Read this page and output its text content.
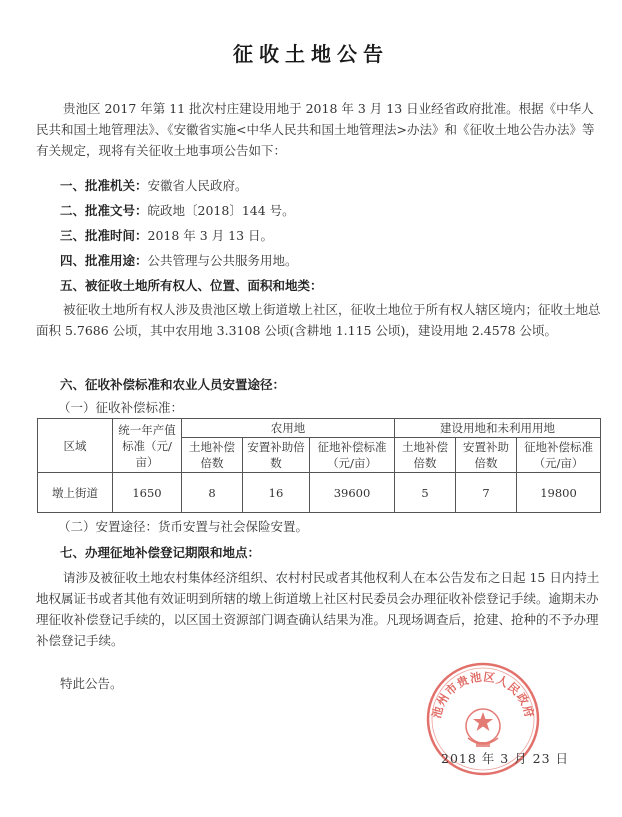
征收土地公告
贵池区 2017 年第 11 批次村庄建设用地于 2018 年 3 月 13 日业经省政府批准。根据《中华人民共和国土地管理法》、《安徽省实施<中华人民共和国土地管理法>办法》和《征收土地公告办法》等有关规定，现将有关征收土地事项公告如下：
一、批准机关：安徽省人民政府。
二、批准文号：皖政地〔2018〕144 号。
三、批准时间：2018 年 3 月 13 日。
四、批准用途：公共管理与公共服务用地。
五、被征收土地所有权人、位置、面积和地类：
被征收土地所有权人涉及贵池区墩上街道墩上社区，征收土地位于所有权人辖区境内；征收土地总面积 5.7686 公顷，其中农用地 3.3108 公顷(含耕地 1.115 公顷)，建设用地 2.4578 公顷。
六、征收补偿标准和农业人员安置途径：
（一）征收补偿标准：
区域	统一年产值标准（元/亩）	农用地			建设用地和未利用用地		
		土地补偿倍数	安置补助倍数	征地补偿标准（元/亩）	土地补偿倍数	安置补助倍数	征地补偿标准（元/亩）
墩上街道	1650	8	16	39600	5	7	19800
（二）安置途径：货币安置与社会保险安置。
七、办理征地补偿登记期限和地点：
请涉及被征收土地农村集体经济组织、农村村民或者其他权利人在本公告发布之日起 15 日内持土地权属证书或者其他有效证明到所辖的墩上街道墩上社区村民委员会办理征收补偿登记手续。逾期未办理征收补偿登记手续的，以区国土资源部门调查确认结果为准。凡现场调查后，抢建、抢种的不予办理补偿登记手续。
特此公告。
池州市贵池区人民政府
2018 年 3 月 23 日
